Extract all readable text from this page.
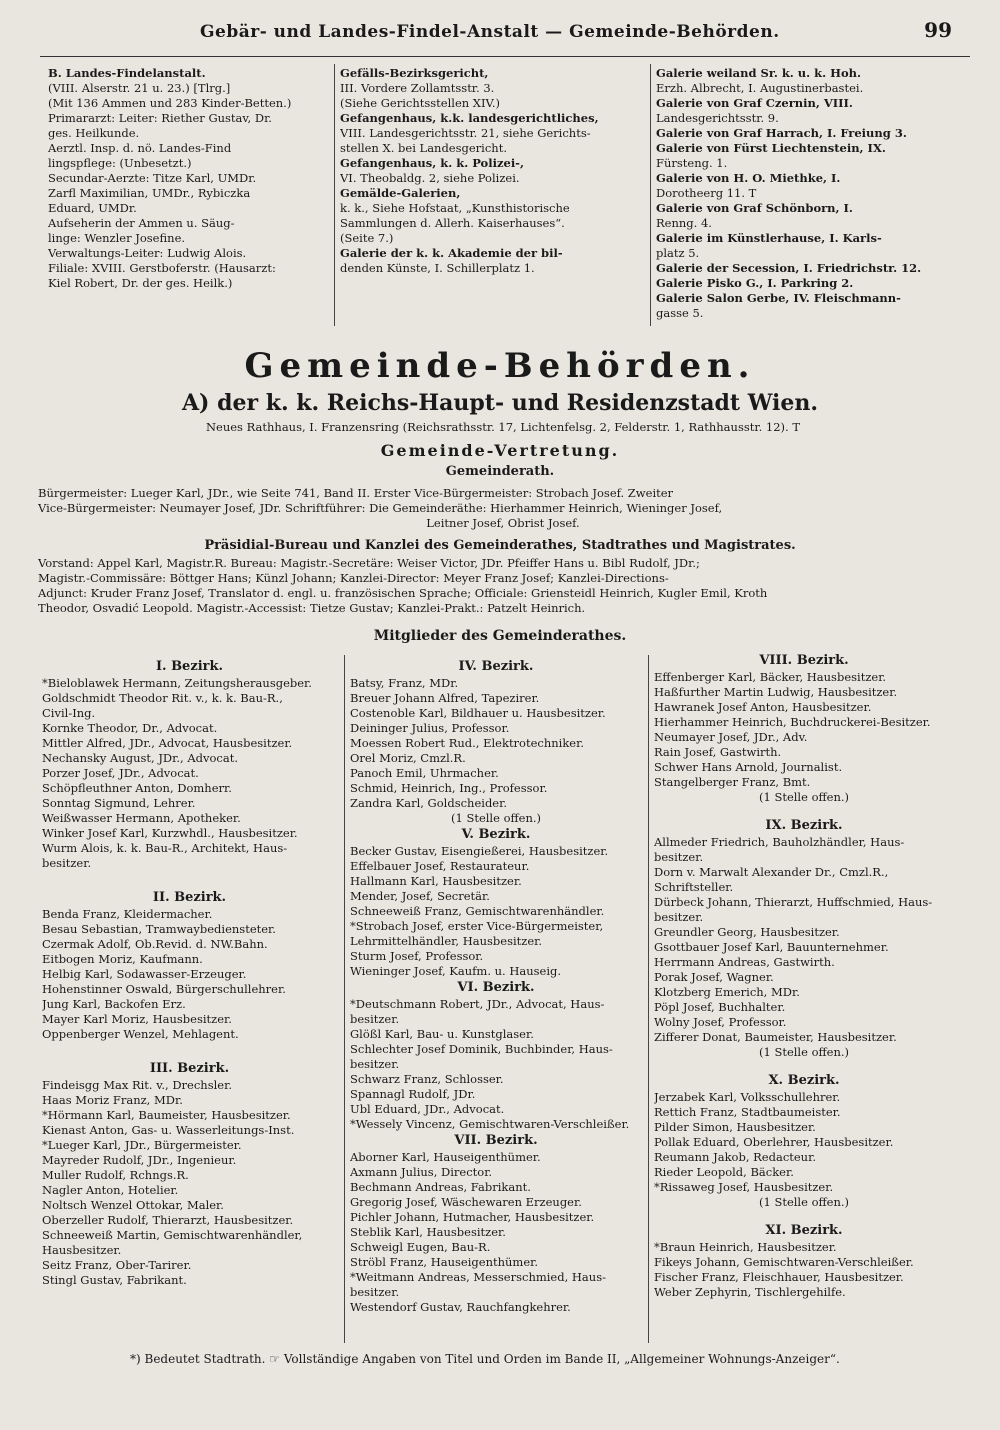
Gebär- und Landes-Findel-Anstalt — Gemeinde-Behörden.	99
B. Landes-Findelanstalt.
(VIII. Alserstr. 21 u. 23.) [Tlrg.]
(Mit 136 Ammen und 283 Kinder-Betten.)
Primararzt: Leiter: Riether Gustav, Dr.
ges. Heilkunde.
Aerztl. Insp. d. nö. Landes-Find
lingspflege: (Unbesetzt.)
Secundar-Aerzte: Titze Karl, UMDr.
Zarfl Maximilian, UMDr., Rybiczka
Eduard, UMDr.
Aufseherin der Ammen u. Säug-
linge: Wenzler Josefine.
Verwaltungs-Leiter: Ludwig Alois.
Filiale: XVIII. Gerstboferstr. (Hausarzt:
Kiel Robert, Dr. der ges. Heilk.)
Gefälls-Bezirksgericht,
III. Vordere Zollamtsstr. 3.
(Siehe Gerichtsstellen XIV.)
Gefangenhaus, k.k. landesgerichtliches,
VIII. Landesgerichtsstr. 21, siehe Gerichts-
stellen X. bei Landesgericht.
Gefangenhaus, k. k. Polizei-,
VI. Theobaldg. 2, siehe Polizei.
Gemälde-Galerien,
k. k., Siehe Hofstaat, „Kunsthistorische
Sammlungen d. Allerh. Kaiserhauses“.
(Seite 7.)
Galerie der k. k. Akademie der bil-
denden Künste, I. Schillerplatz 1.
Galerie weiland Sr. k. u. k. Hoh.
Erzh. Albrecht, I. Augustinerbastei.
Galerie von Graf Czernin, VIII.
Landesgerichtsstr. 9.
Galerie von Graf Harrach, I. Freiung 3.
Galerie von Fürst Liechtenstein, IX.
Fürsteng. 1.
Galerie von H. O. Miethke, I.
Dorotheerg 11. T
Galerie von Graf Schönborn, I.
Renng. 4.
Galerie im Künstlerhause, I. Karls-
platz 5.
Galerie der Secession, I. Friedrichstr. 12.
Galerie Pisko G., I. Parkring 2.
Galerie Salon Gerbe, IV. Fleischmann-
gasse 5.
Gemeinde-Behörden.
A) der k. k. Reichs-Haupt- und Residenzstadt Wien.
Neues Rathhaus, I. Franzensring (Reichsrathsstr. 17, Lichtenfelsg. 2, Felderstr. 1, Rathhausstr. 12). T
Gemeinde-Vertretung.
Gemeinderath.
Bürgermeister: Lueger Karl, JDr., wie Seite 741, Band II. Erster Vice-Bürgermeister: Strobach Josef. Zweiter
Vice-Bürgermeister: Neumayer Josef, JDr. Schriftführer: Die Gemeinderäthe: Hierhammer Heinrich, Wieninger Josef,
Leitner Josef, Obrist Josef.
Präsidial-Bureau und Kanzlei des Gemeinderathes, Stadtrathes und Magistrates.
Vorstand: Appel Karl, Magistr.R. Bureau: Magistr.-Secretäre: Weiser Victor, JDr. Pfeiffer Hans u. Bibl Rudolf, JDr.;
Magistr.-Commissäre: Böttger Hans; Künzl Johann; Kanzlei-Director: Meyer Franz Josef; Kanzlei-Directions-
Adjunct: Kruder Franz Josef, Translator d. engl. u. französischen Sprache; Officiale: Griensteidl Heinrich, Kugler Emil, Kroth
Theodor, Osvadić Leopold. Magistr.-Accessist: Tietze Gustav; Kanzlei-Prakt.: Patzelt Heinrich.
Mitglieder des Gemeinderathes.
I. Bezirk.
*Bieloblawek Hermann, Zeitungsherausgeber.
Goldschmidt Theodor Rit. v., k. k. Bau-R.,
Civil-Ing.
Kornke Theodor, Dr., Advocat.
Mittler Alfred, JDr., Advocat, Hausbesitzer.
Nechansky August, JDr., Advocat.
Porzer Josef, JDr., Advocat.
Schöpfleuthner Anton, Domherr.
Sonntag Sigmund, Lehrer.
Weißwasser Hermann, Apotheker.
Winker Josef Karl, Kurzwhdl., Hausbesitzer.
Wurm Alois, k. k. Bau-R., Architekt, Haus-
besitzer.
II. Bezirk.
Benda Franz, Kleidermacher.
Besau Sebastian, Tramwaybediensteter.
Czermak Adolf, Ob.Revid. d. NW.Bahn.
Eitbogen Moriz, Kaufmann.
Helbig Karl, Sodawasser-Erzeuger.
Hohenstinner Oswald, Bürgerschullehrer.
Jung Karl, Backofen Erz.
Mayer Karl Moriz, Hausbesitzer.
Oppenberger Wenzel, Mehlagent.
III. Bezirk.
Findeisgg Max Rit. v., Drechsler.
Haas Moriz Franz, MDr.
*Hörmann Karl, Baumeister, Hausbesitzer.
Kienast Anton, Gas- u. Wasserleitungs-Inst.
*Lueger Karl, JDr., Bürgermeister.
Mayreder Rudolf, JDr., Ingenieur.
Muller Rudolf, Rchngs.R.
Nagler Anton, Hotelier.
Noltsch Wenzel Ottokar, Maler.
Oberzeller Rudolf, Thierarzt, Hausbesitzer.
Schneeweiß Martin, Gemischtwarenhändler,
Hausbesitzer.
Seitz Franz, Ober-Tarirer.
Stingl Gustav, Fabrikant.
IV. Bezirk.
Batsy, Franz, MDr.
Breuer Johann Alfred, Tapezirer.
Costenoble Karl, Bildhauer u. Hausbesitzer.
Deininger Julius, Professor.
Moessen Robert Rud., Elektrotechniker.
Orel Moriz, Cmzl.R.
Panoch Emil, Uhrmacher.
Schmid, Heinrich, Ing., Professor.
Zandra Karl, Goldscheider.
(1 Stelle offen.)
V. Bezirk.
Becker Gustav, Eisengießerei, Hausbesitzer.
Effelbauer Josef, Restaurateur.
Hallmann Karl, Hausbesitzer.
Mender, Josef, Secretär.
Schneeweiß Franz, Gemischtwarenhändler.
*Strobach Josef, erster Vice-Bürgermeister,
Lehrmittelhändler, Hausbesitzer.
Sturm Josef, Professor.
Wieninger Josef, Kaufm. u. Hauseig.
VI. Bezirk.
*Deutschmann Robert, JDr., Advocat, Haus-
besitzer.
Glößl Karl, Bau- u. Kunstglaser.
Schlechter Josef Dominik, Buchbinder, Haus-
besitzer.
Schwarz Franz, Schlosser.
Spannagl Rudolf, JDr.
Ubl Eduard, JDr., Advocat.
*Wessely Vincenz, Gemischtwaren-Verschleißer.
VII. Bezirk.
Aborner Karl, Hauseigenthümer.
Axmann Julius, Director.
Bechmann Andreas, Fabrikant.
Gregorig Josef, Wäschewaren Erzeuger.
Pichler Johann, Hutmacher, Hausbesitzer.
Steblik Karl, Hausbesitzer.
Schweigl Eugen, Bau-R.
Ströbl Franz, Hauseigenthümer.
*Weitmann Andreas, Messerschmied, Haus-
besitzer.
Westendorf Gustav, Rauchfangkehrer.
VIII. Bezirk.
Effenberger Karl, Bäcker, Hausbesitzer.
Haßfurther Martin Ludwig, Hausbesitzer.
Hawranek Josef Anton, Hausbesitzer.
Hierhammer Heinrich, Buchdruckerei-Besitzer.
Neumayer Josef, JDr., Adv.
Rain Josef, Gastwirth.
Schwer Hans Arnold, Journalist.
Stangelberger Franz, Bmt.
(1 Stelle offen.)
IX. Bezirk.
Allmeder Friedrich, Bauholzhändler, Haus-
besitzer.
Dorn v. Marwalt Alexander Dr., Cmzl.R.,
Schriftsteller.
Dürbeck Johann, Thierarzt, Huffschmied, Haus-
besitzer.
Greundler Georg, Hausbesitzer.
Gsottbauer Josef Karl, Bauunternehmer.
Herrmann Andreas, Gastwirth.
Porak Josef, Wagner.
Klotzberg Emerich, MDr.
Pöpl Josef, Buchhalter.
Wolny Josef, Professor.
Zifferer Donat, Baumeister, Hausbesitzer.
(1 Stelle offen.)
X. Bezirk.
Jerzabek Karl, Volksschullehrer.
Rettich Franz, Stadtbaumeister.
Pilder Simon, Hausbesitzer.
Pollak Eduard, Oberlehrer, Hausbesitzer.
Reumann Jakob, Redacteur.
Rieder Leopold, Bäcker.
*Rissaweg Josef, Hausbesitzer.
(1 Stelle offen.)
XI. Bezirk.
*Braun Heinrich, Hausbesitzer.
Fikeys Johann, Gemischtwaren-Verschleißer.
Fischer Franz, Fleischhauer, Hausbesitzer.
Weber Zephyrin, Tischlergehilfe.
*) Bedeutet Stadtrath. ☞ Vollständige Angaben von Titel und Orden im Bande II, „Allgemeiner Wohnungs-Anzeiger“.
